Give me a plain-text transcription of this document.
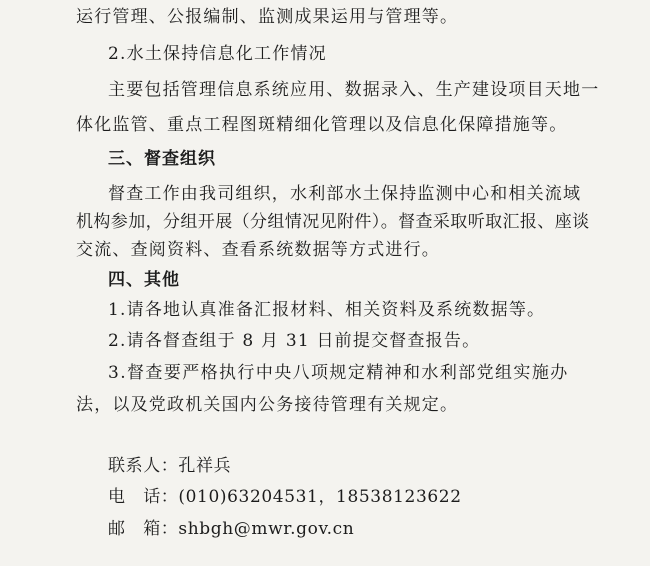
运行管理、公报编制、监测成果运用与管理等。
2.水土保持信息化工作情况
主要包括管理信息系统应用、数据录入、生产建设项目天地一
体化监管、重点工程图斑精细化管理以及信息化保障措施等。
三、督查组织
督查工作由我司组织，水利部水土保持监测中心和相关流域
机构参加，分组开展（分组情况见附件）。督查采取听取汇报、座谈
交流、查阅资料、查看系统数据等方式进行。
四、其他
1.请各地认真准备汇报材料、相关资料及系统数据等。
2.请各督查组于 8 月 31 日前提交督查报告。
3.督查要严格执行中央八项规定精神和水利部党组实施办
法，以及党政机关国内公务接待管理有关规定。
联系人：孔祥兵
电　话：(010)63204531，18538123622
邮　箱：shbgh@mwr.gov.cn
